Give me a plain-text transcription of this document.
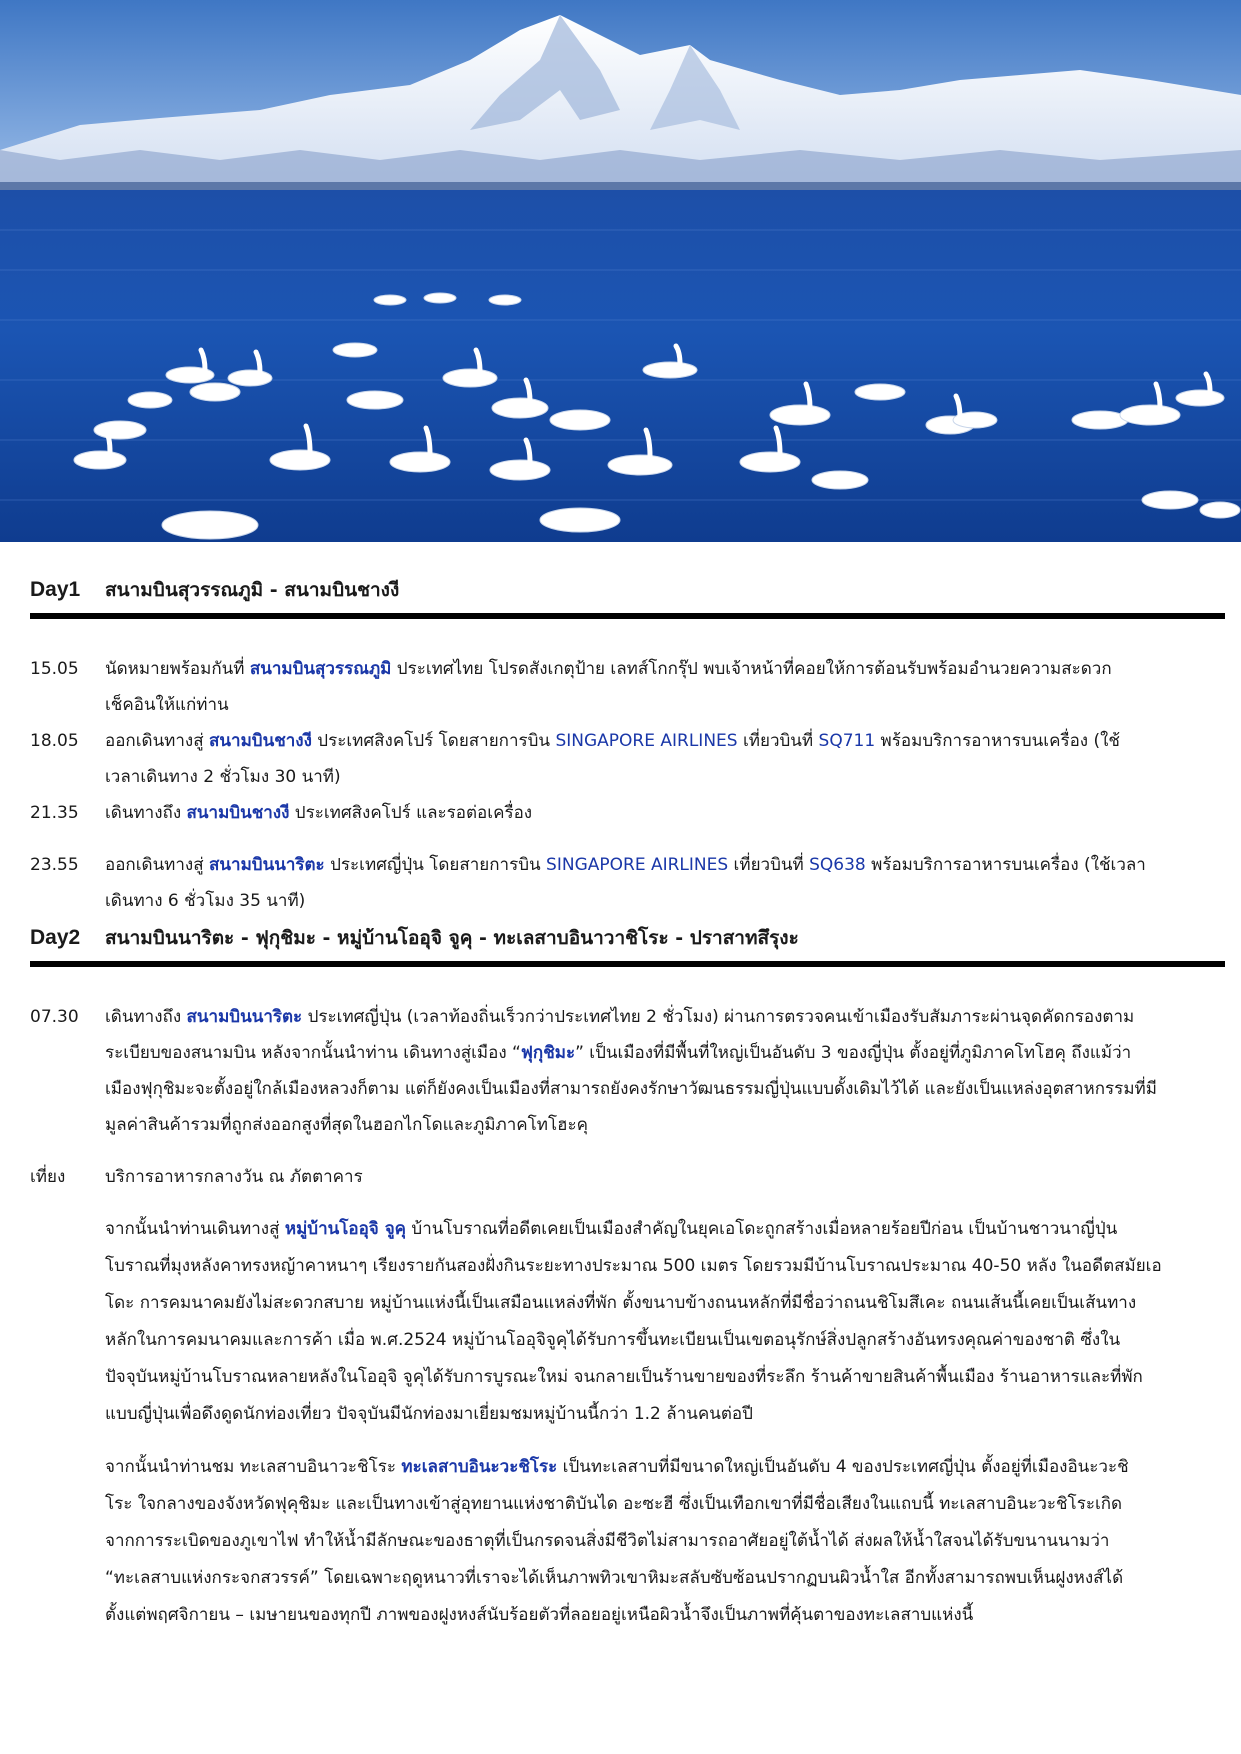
Day1	สนามบินสุวรรณภูมิ - สนามบินชางงี
15.05	นัดหมายพร้อมกันที่ สนามบินสุวรรณภูมิ ประเทศไทย โปรดสังเกตุป้าย เลทส์โกกรุ๊ป พบเจ้าหน้าที่คอยให้การต้อนรับพร้อมอำนวยความสะดวก
เช็คอินให้แก่ท่าน
18.05	ออกเดินทางสู่ สนามบินชางงี ประเทศสิงคโปร์ โดยสายการบิน SINGAPORE AIRLINES เที่ยวบินที่ SQ711 พร้อมบริการอาหารบนเครื่อง (ใช้
เวลาเดินทาง 2 ชั่วโมง 30 นาที)
21.35	เดินทางถึง สนามบินชางงี ประเทศสิงคโปร์ และรอต่อเครื่อง
23.55	ออกเดินทางสู่ สนามบินนาริตะ ประเทศญี่ปุ่น โดยสายการบิน SINGAPORE AIRLINES เที่ยวบินที่ SQ638 พร้อมบริการอาหารบนเครื่อง (ใช้เวลา
เดินทาง 6 ชั่วโมง 35 นาที)
Day2	สนามบินนาริตะ - ฟุกุชิมะ - หมู่บ้านโออุจิ จูคุ - ทะเลสาบอินาวาชิโระ - ปราสาทสึรุงะ
07.30	เดินทางถึง สนามบินนาริตะ ประเทศญี่ปุ่น (เวลาท้องถิ่นเร็วกว่าประเทศไทย 2 ชั่วโมง) ผ่านการตรวจคนเข้าเมืองรับสัมภาระผ่านจุดคัดกรองตาม
ระเบียบของสนามบิน หลังจากนั้นนำท่าน เดินทางสู่เมือง “ฟุกุชิมะ” เป็นเมืองที่มีพื้นที่ใหญ่เป็นอันดับ 3 ของญี่ปุ่น ตั้งอยู่ที่ภูมิภาคโทโฮคุ ถึงแม้ว่า
เมืองฟุกุชิมะจะตั้งอยู่ใกล้เมืองหลวงก็ตาม แต่ก็ยังคงเป็นเมืองที่สามารถยังคงรักษาวัฒนธรรมญี่ปุ่นแบบดั้งเดิมไว้ได้ และยังเป็นแหล่งอุตสาหกรรมที่มี
มูลค่าสินค้ารวมที่ถูกส่งออกสูงที่สุดในฮอกไกโดและภูมิภาคโทโฮะคุ
เที่ยง	บริการอาหารกลางวัน ณ ภัตตาคาร
จากนั้นนำท่านเดินทางสู่ หมู่บ้านโออุจิ จูคุ บ้านโบราณที่อดีตเคยเป็นเมืองสำคัญในยุคเอโดะถูกสร้างเมื่อหลายร้อยปีก่อน เป็นบ้านชาวนาญี่ปุ่น
โบราณที่มุงหลังคาทรงหญ้าคาหนาๆ เรียงรายกันสองฝั่งกินระยะทางประมาณ 500 เมตร โดยรวมมีบ้านโบราณประมาณ 40-50 หลัง ในอดีตสมัยเอ
โดะ การคมนาคมยังไม่สะดวกสบาย หมู่บ้านแห่งนี้เป็นเสมือนแหล่งที่พัก ตั้งขนาบข้างถนนหลักที่มีชื่อว่าถนนชิโมสึเคะ ถนนเส้นนี้เคยเป็นเส้นทาง
หลักในการคมนาคมและการค้า เมื่อ พ.ศ.2524 หมู่บ้านโออุจิจูคุได้รับการขึ้นทะเบียนเป็นเขตอนุรักษ์สิ่งปลูกสร้างอันทรงคุณค่าของชาติ ซึ่งใน
ปัจจุบันหมู่บ้านโบราณหลายหลังในโออุจิ จูคุได้รับการบูรณะใหม่ จนกลายเป็นร้านขายของที่ระลึก ร้านค้าขายสินค้าพื้นเมือง ร้านอาหารและที่พัก
แบบญี่ปุ่นเพื่อดึงดูดนักท่องเที่ยว ปัจจุบันมีนักท่องมาเยี่ยมชมหมู่บ้านนี้กว่า 1.2 ล้านคนต่อปี
จากนั้นนำท่านชม ทะเลสาบอินาวะชิโระ ทะเลสาบอินะวะชิโระ เป็นทะเลสาบที่มีขนาดใหญ่เป็นอันดับ 4 ของประเทศญี่ปุ่น ตั้งอยู่ที่เมืองอินะวะชิ
โระ ใจกลางของจังหวัดฟุคุชิมะ และเป็นทางเข้าสู่อุทยานแห่งชาติบันได อะซะฮี ซึ่งเป็นเทือกเขาที่มีชื่อเสียงในแถบนี้ ทะเลสาบอินะวะชิโระเกิด
จากการระเบิดของภูเขาไฟ ทำให้น้ำมีลักษณะของธาตุที่เป็นกรดจนสิ่งมีชีวิตไม่สามารถอาศัยอยู่ใต้น้ำได้ ส่งผลให้น้ำใสจนได้รับขนานนามว่า
“ทะเลสาบแห่งกระจกสวรรค์” โดยเฉพาะฤดูหนาวที่เราจะได้เห็นภาพทิวเขาหิมะสลับซับซ้อนปรากฏบนผิวน้ำใส อีกทั้งสามารถพบเห็นฝูงหงส์ได้
ตั้งแต่พฤศจิกายน – เมษายนของทุกปี ภาพของฝูงหงส์นับร้อยตัวที่ลอยอยู่เหนือผิวน้ำจึงเป็นภาพที่คุ้นตาของทะเลสาบแห่งนี้
